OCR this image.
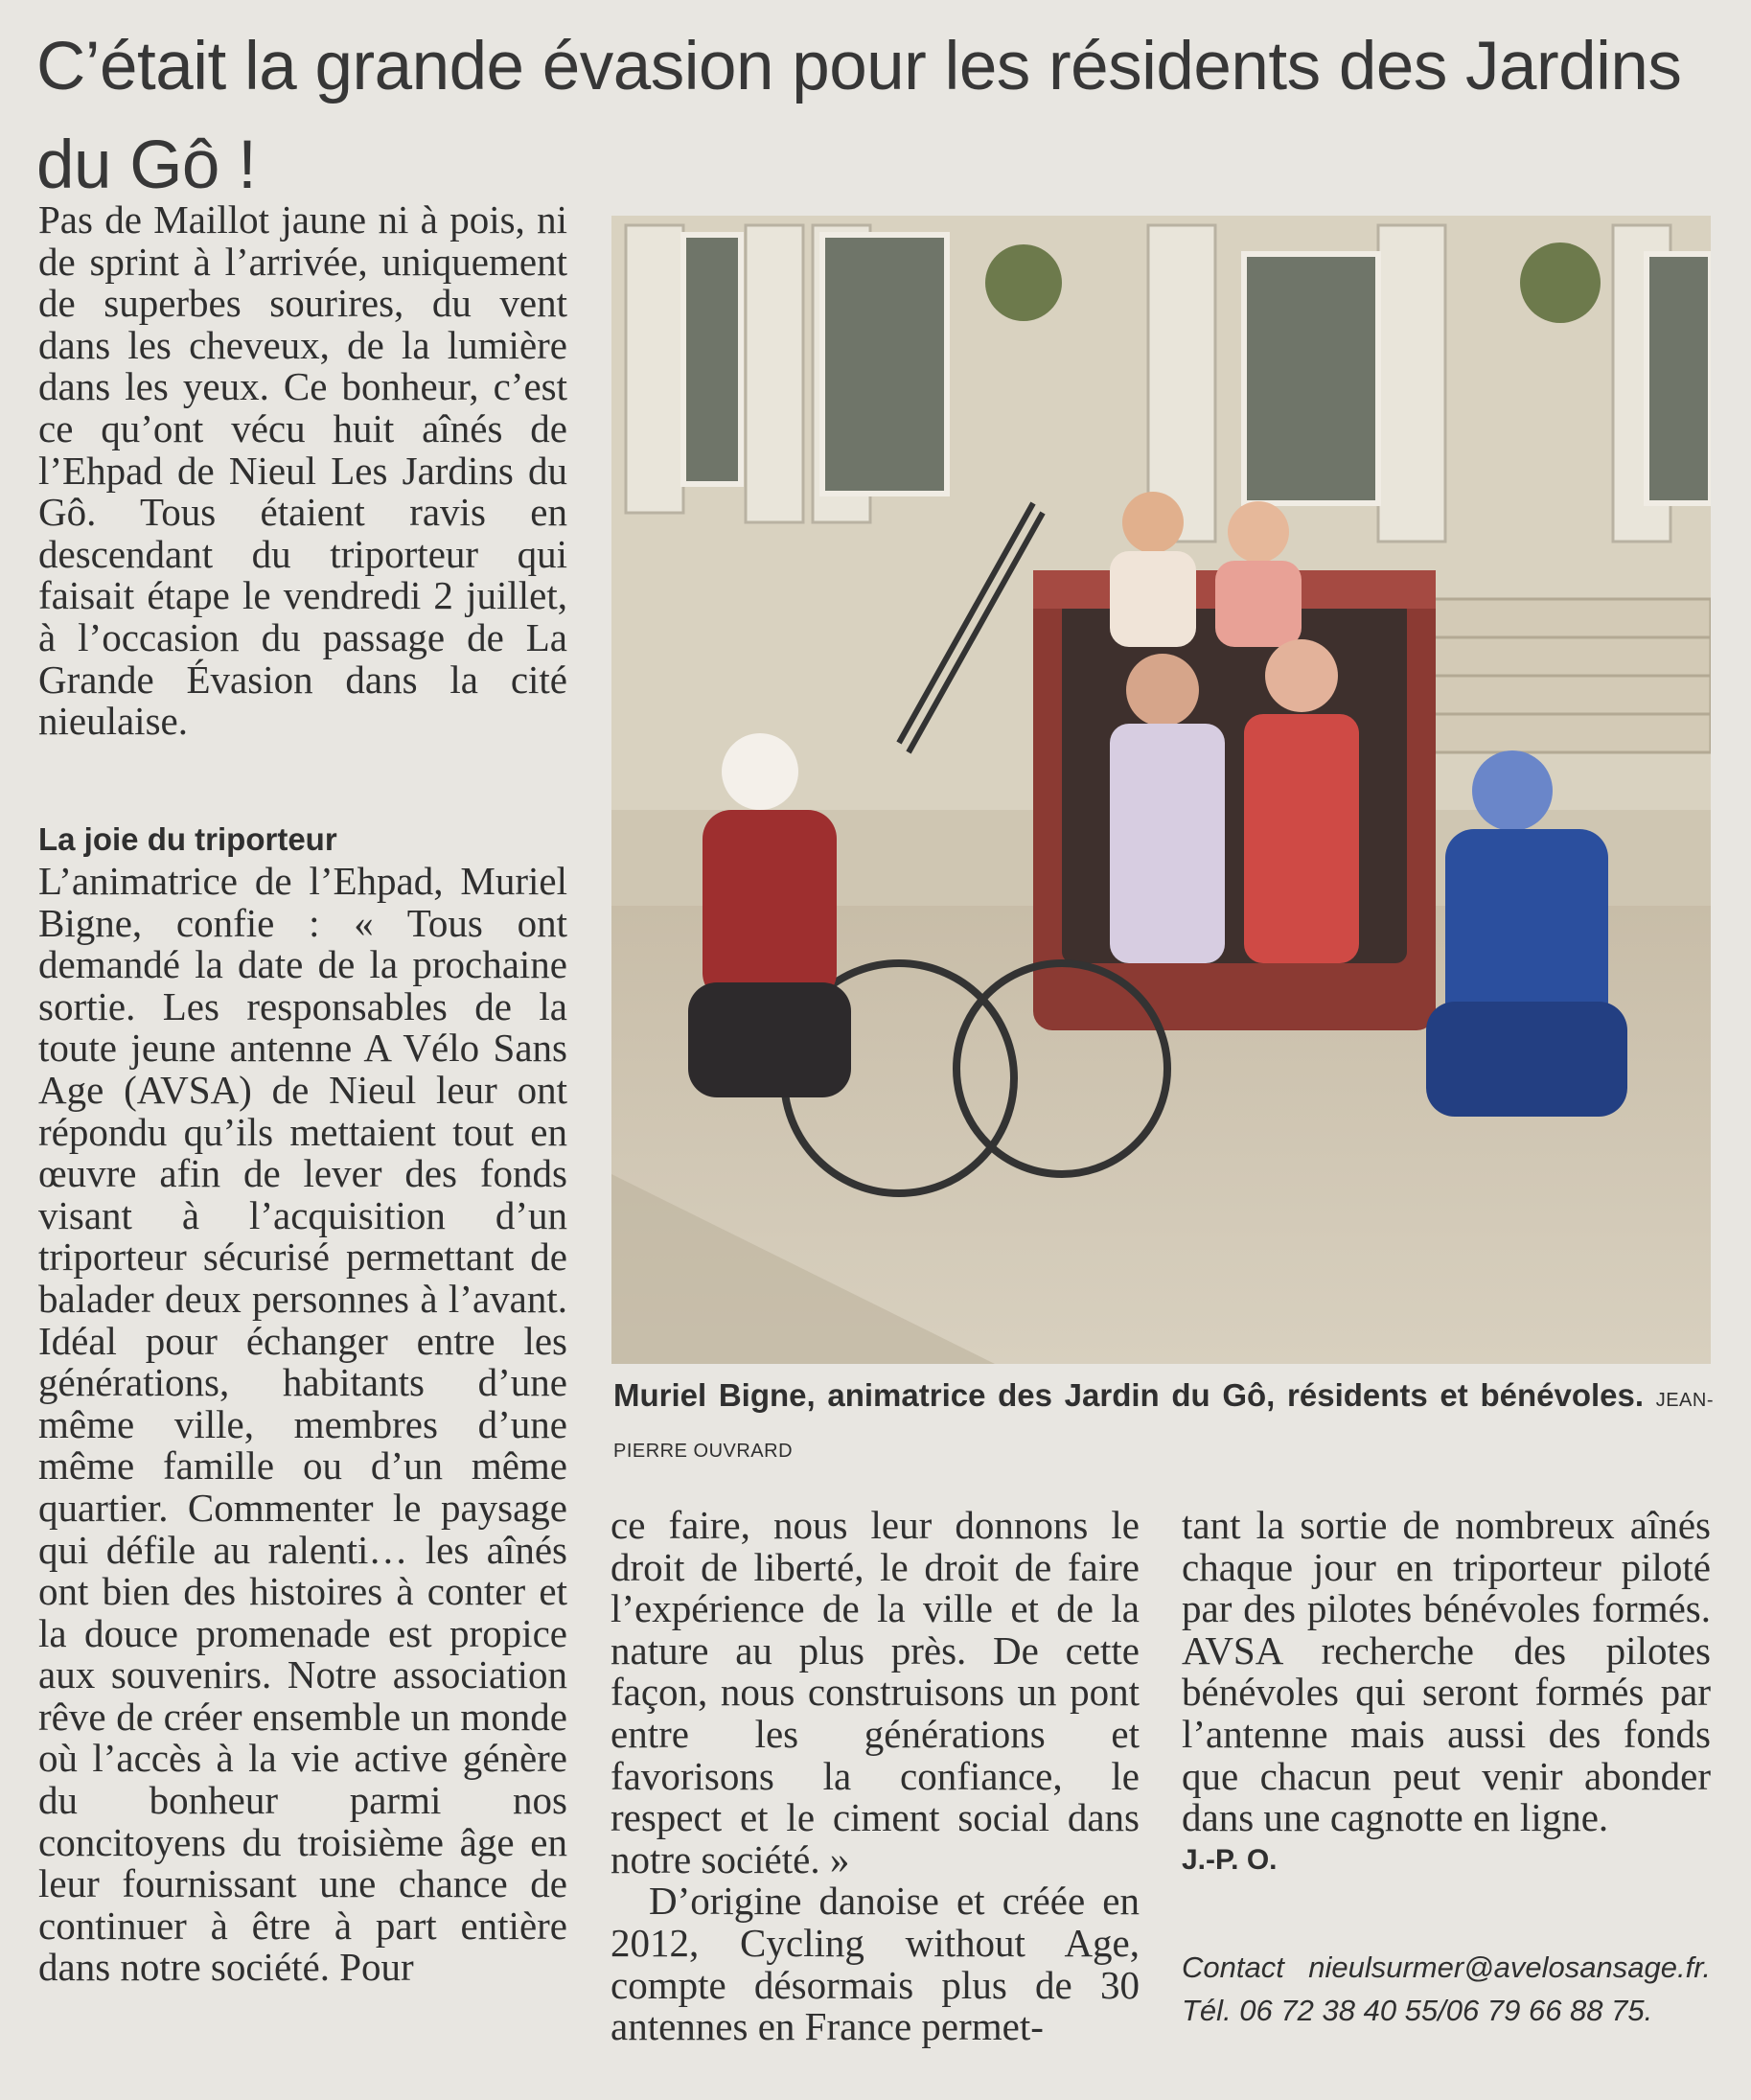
C’était la grande évasion pour les résidents des Jardins du Gô !

Pas de Maillot jaune ni à pois, ni de sprint à l’arrivée, uniquement de superbes sourires, du vent dans les cheveux, de la lumière dans les yeux. Ce bonheur, c’est ce qu’ont vécu huit aînés de l’Ehpad de Nieul Les Jardins du Gô. Tous étaient ravis en descendant du triporteur qui faisait étape le vendredi 2 juillet, à l’occasion du passage de La Grande Évasion dans la cité nieulaise.

La joie du triporteur

L’animatrice de l’Ehpad, Muriel Bigne, confie : « Tous ont demandé la date de la prochaine sortie. Les responsables de la toute jeune antenne A Vélo Sans Age (AVSA) de Nieul leur ont répondu qu’ils mettaient tout en œuvre afin de lever des fonds visant à l’acquisition d’un triporteur sécurisé permettant de balader deux personnes à l’avant. Idéal pour échanger entre les générations, habitants d’une même ville, membres d’une même famille ou d’un même quartier. Commenter le paysage qui défile au ralenti… les aînés ont bien des histoires à conter et la douce promenade est propice aux souvenirs. Notre association rêve de créer ensemble un monde où l’accès à la vie active génère du bonheur parmi nos concitoyens du troisième âge en leur fournissant une chance de continuer à être à part entière dans notre société. Pour

Muriel Bigne, animatrice des Jardin du Gô, résidents et bénévoles. JEAN-PIERRE OUVRARD

ce faire, nous leur donnons le droit de liberté, le droit de faire l’expérience de la ville et de la nature au plus près. De cette façon, nous construisons un pont entre les générations et favorisons la confiance, le respect et le ciment social dans notre société. »

D’origine danoise et créée en 2012, Cycling without Age, compte désormais plus de 30 antennes en France permet-

tant la sortie de nombreux aînés chaque jour en triporteur piloté par des pilotes bénévoles formés. AVSA recherche des pilotes bénévoles qui seront formés par l’antenne mais aussi des fonds que chacun peut venir abonder dans une cagnotte en ligne.

J.-P. O.

Contact nieulsurmer@avelosansage.fr.
Tél. 06 72 38 40 55/06 79 66 88 75.
